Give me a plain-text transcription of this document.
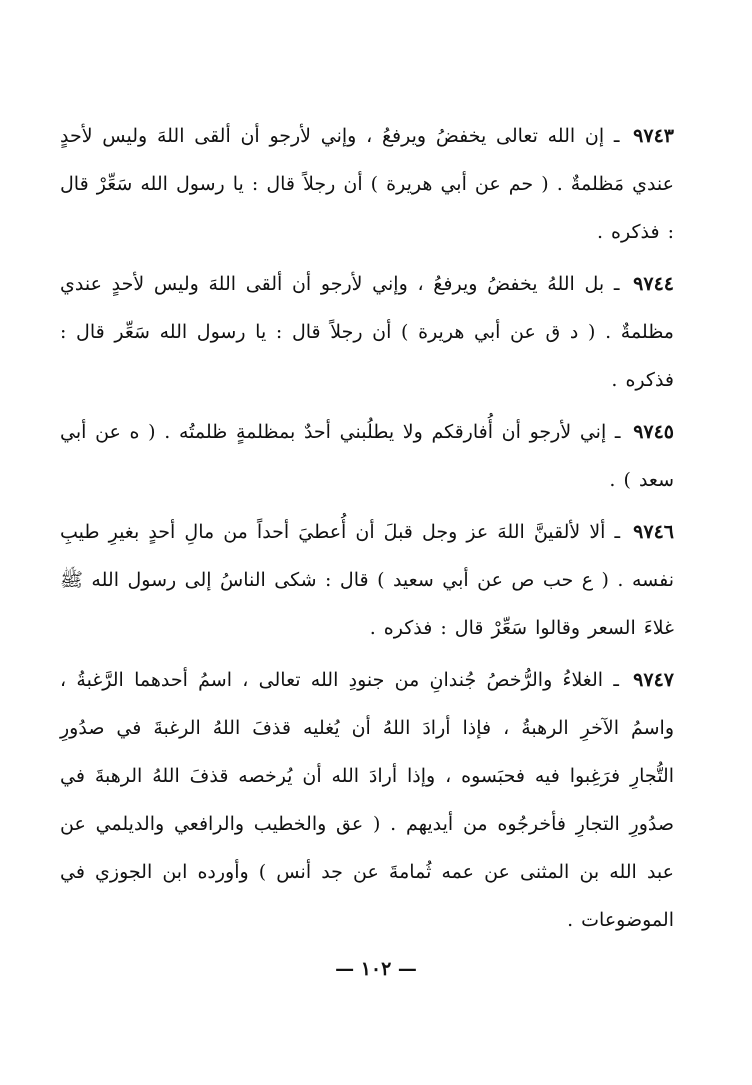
٩٧٤٣ ـ إن الله تعالى يخفضُ ويرفعُ ، وإني لأرجو أن ألقى اللهَ وليس لأحدٍ عندي مَظلمةٌ . ( حم عن أبي هريرة ) أن رجلاً قال : يا رسول الله سَعِّرْ قال : فذكره .

٩٧٤٤ ـ بل اللهُ يخفضُ ويرفعُ ، وإني لأرجو أن ألقى اللهَ وليس لأحدٍ عندي مظلمةٌ . ( د ق عن أبي هريرة ) أن رجلاً قال : يا رسول الله سَعِّر قال : فذكره .

٩٧٤٥ ـ إني لأرجو أن أُفارقكم ولا يطلُبني أحدٌ بمظلمةٍ ظلمتُه . ( ه عن أبي سعد ) .

٩٧٤٦ ـ ألا لألقينَّ اللهَ عز وجل قبلَ أن أُعطيَ أحداً من مالِ أحدٍ بغيرِ طيبِ نفسه . ( ع حب ص عن أبي سعيد ) قال : شكى الناسُ إلى رسول الله ﷺ غلاءَ السعر وقالوا سَعِّرْ قال : فذكره .

٩٧٤٧ ـ الغلاءُ والرُّخصُ جُندانِ من جنودِ الله تعالى ، اسمُ أحدهما الرَّغبةُ ، واسمُ الآخرِ الرهبةُ ، فإذا أرادَ اللهُ أن يُغليه قذفَ اللهُ الرغبةَ في صدُورِ التُّجارِ فرَغِبوا فيه فحبَسوه ، وإذا أرادَ الله أن يُرخصه قذفَ اللهُ الرهبةَ في صدُورِ التجارِ فأخرجُوه من أيديهم . ( عق والخطيب والرافعي والديلمي عن عبد الله بن المثنى عن عمه ثُمامةَ عن جد أنس ) وأورده ابن الجوزي في الموضوعات .

— ١٠٢ —
